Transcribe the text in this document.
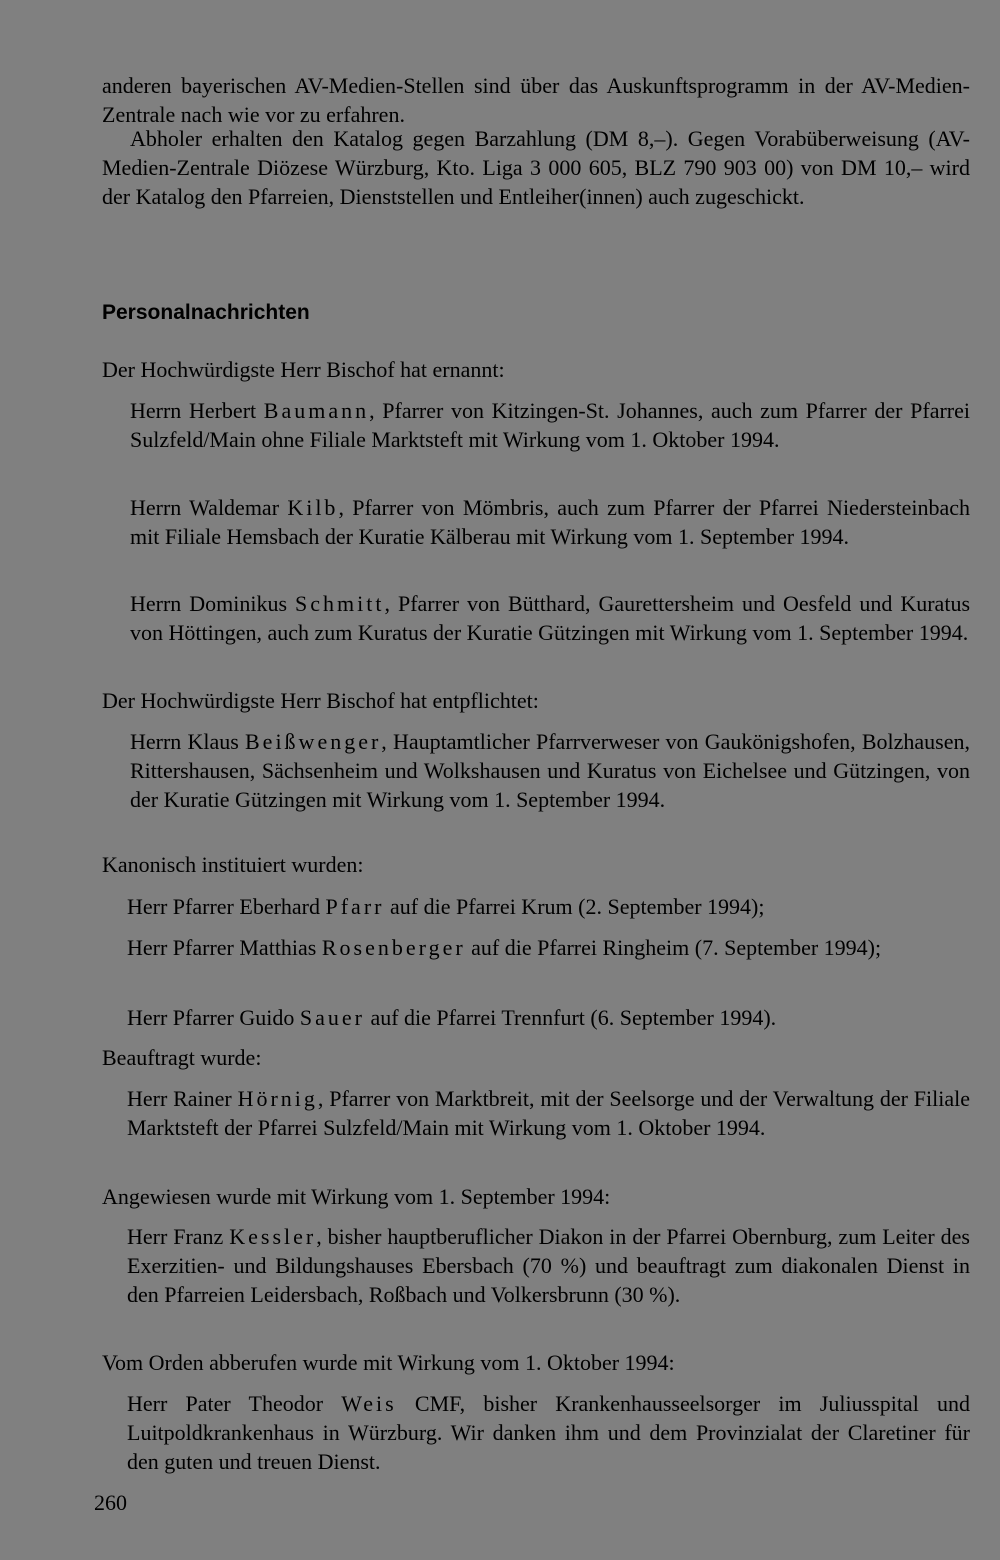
anderen bayerischen AV-Medien-Stellen sind über das Auskunftsprogramm in der AV-Medien-Zentrale nach wie vor zu erfahren.

Abholer erhalten den Katalog gegen Barzahlung (DM 8,–). Gegen Vorabüberweisung (AV-Medien-Zentrale Diözese Würzburg, Kto. Liga 3 000 605, BLZ 790 903 00) von DM 10,– wird der Katalog den Pfarreien, Dienststellen und Entleiher(innen) auch zugeschickt.

Personalnachrichten

Der Hochwürdigste Herr Bischof hat ernannt:

Herrn Herbert Baumann, Pfarrer von Kitzingen-St. Johannes, auch zum Pfarrer der Pfarrei Sulzfeld/Main ohne Filiale Marktsteft mit Wirkung vom 1. Oktober 1994.

Herrn Waldemar Kilb, Pfarrer von Mömbris, auch zum Pfarrer der Pfarrei Niedersteinbach mit Filiale Hemsbach der Kuratie Kälberau mit Wirkung vom 1. September 1994.

Herrn Dominikus Schmitt, Pfarrer von Bütthard, Gaurettersheim und Oesfeld und Kuratus von Höttingen, auch zum Kuratus der Kuratie Gützingen mit Wirkung vom 1. September 1994.

Der Hochwürdigste Herr Bischof hat entpflichtet:

Herrn Klaus Beißwenger, Hauptamtlicher Pfarrverweser von Gaukönigshofen, Bolzhausen, Rittershausen, Sächsenheim und Wolkshausen und Kuratus von Eichelsee und Gützingen, von der Kuratie Gützingen mit Wirkung vom 1. September 1994.

Kanonisch instituiert wurden:

Herr Pfarrer Eberhard Pfarr auf die Pfarrei Krum (2. September 1994);

Herr Pfarrer Matthias Rosenberger auf die Pfarrei Ringheim (7. September 1994);

Herr Pfarrer Guido Sauer auf die Pfarrei Trennfurt (6. September 1994).

Beauftragt wurde:

Herr Rainer Hörnig, Pfarrer von Marktbreit, mit der Seelsorge und der Verwaltung der Filiale Marktsteft der Pfarrei Sulzfeld/Main mit Wirkung vom 1. Oktober 1994.

Angewiesen wurde mit Wirkung vom 1. September 1994:

Herr Franz Kessler, bisher hauptberuflicher Diakon in der Pfarrei Obernburg, zum Leiter des Exerzitien- und Bildungshauses Ebersbach (70 %) und beauftragt zum diakonalen Dienst in den Pfarreien Leidersbach, Roßbach und Volkersbrunn (30 %).

Vom Orden abberufen wurde mit Wirkung vom 1. Oktober 1994:

Herr Pater Theodor Weis CMF, bisher Krankenhausseelsorger im Juliusspital und Luitpoldkrankenhaus in Würzburg. Wir danken ihm und dem Provinzialat der Claretiner für den guten und treuen Dienst.

260
